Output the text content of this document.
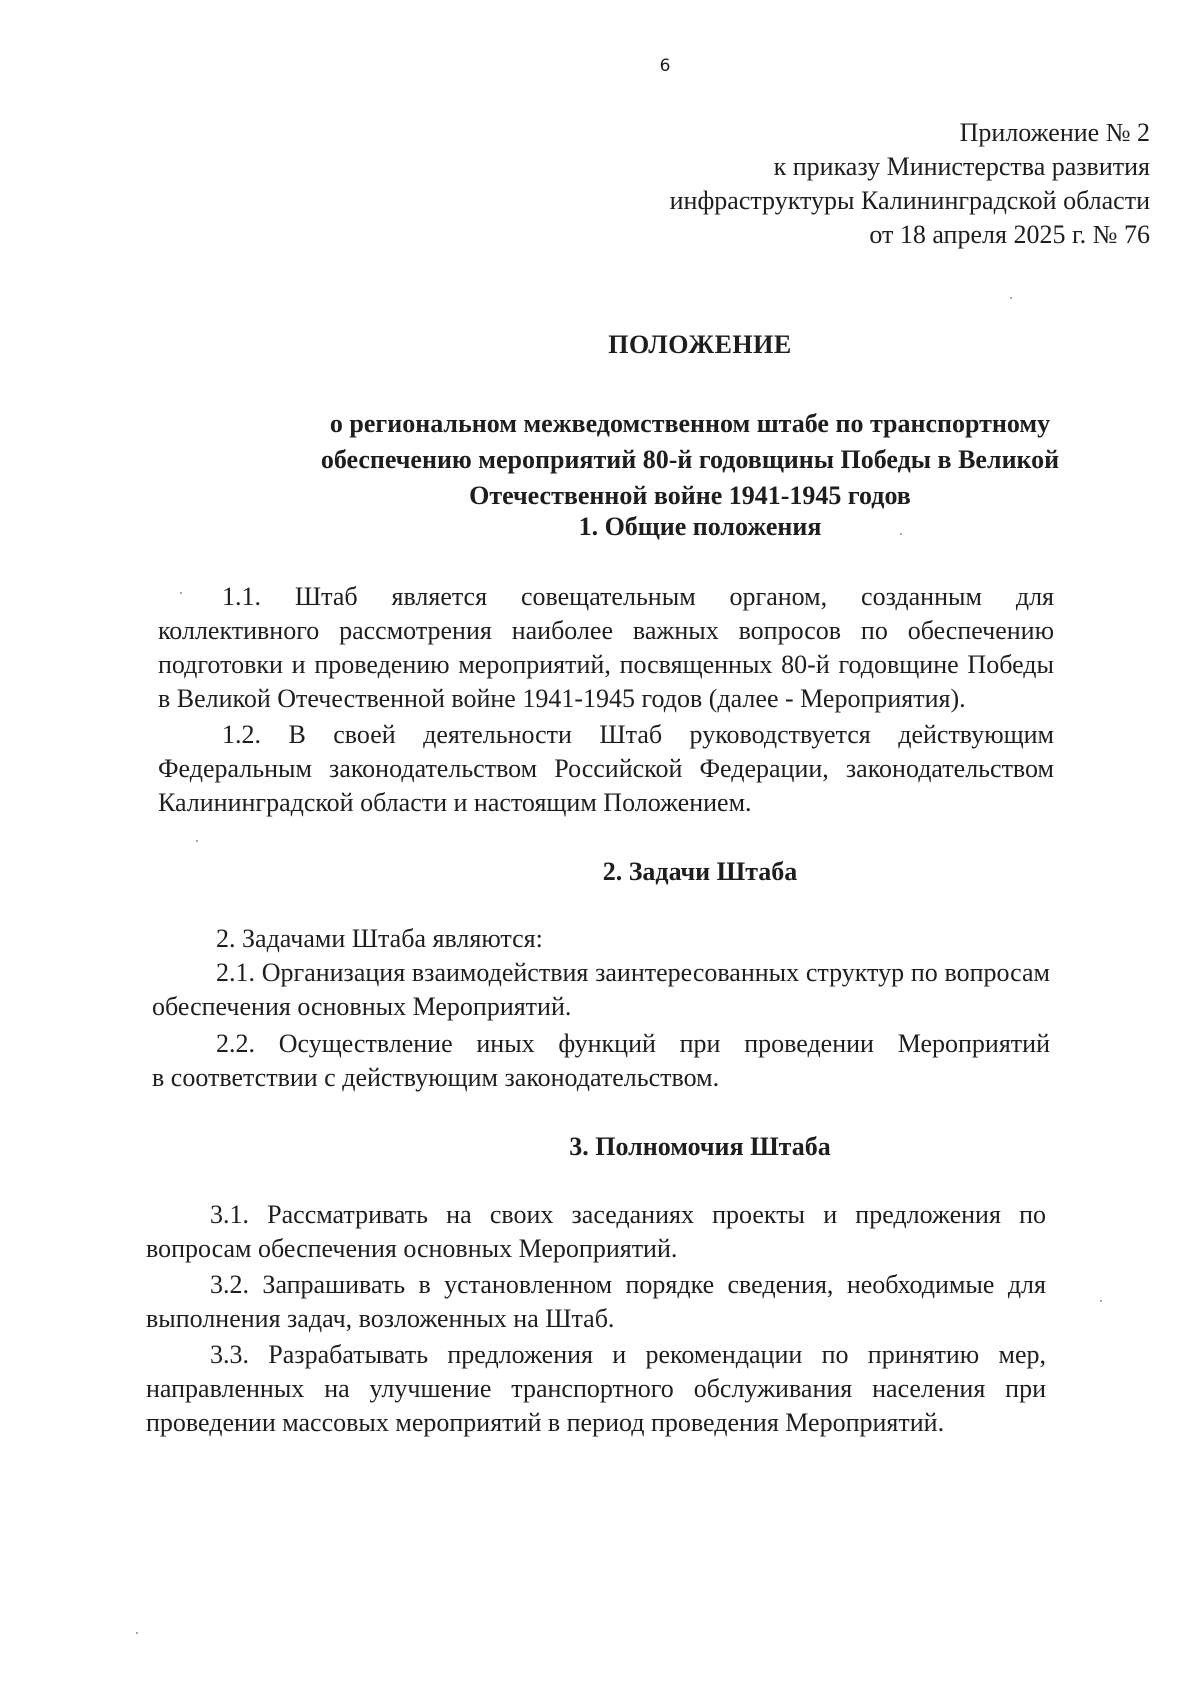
6
Приложение № 2
к приказу Министерства развития
инфраструктуры Калининградской области
от 18 апреля 2025 г. № 76
ПОЛОЖЕНИЕ
о региональном межведомственном штабе по транспортному
обеспечению мероприятий 80-й годовщины Победы в Великой
Отечественной войне 1941-1945 годов
1. Общие положения
1.1. Штаб является совещательным органом, созданным для
коллективного рассмотрения наиболее важных вопросов по обеспечению
подготовки и проведению мероприятий, посвященных 80-й годовщине Победы
в Великой Отечественной войне 1941-1945 годов (далее - Мероприятия).
1.2. В своей деятельности Штаб руководствуется действующим
Федеральным законодательством Российской Федерации, законодательством
Калининградской области и настоящим Положением.
2. Задачи Штаба
2. Задачами Штаба являются:
2.1. Организация взаимодействия заинтересованных структур по вопросам
обеспечения основных Мероприятий.
2.2. Осуществление иных функций при проведении Мероприятий
в соответствии с действующим законодательством.
3. Полномочия Штаба
3.1. Рассматривать на своих заседаниях проекты и предложения по
вопросам обеспечения основных Мероприятий.
3.2. Запрашивать в установленном порядке сведения, необходимые для
выполнения задач, возложенных на Штаб.
3.3. Разрабатывать предложения и рекомендации по принятию мер,
направленных на улучшение транспортного обслуживания населения при
проведении массовых мероприятий в период проведения Мероприятий.
